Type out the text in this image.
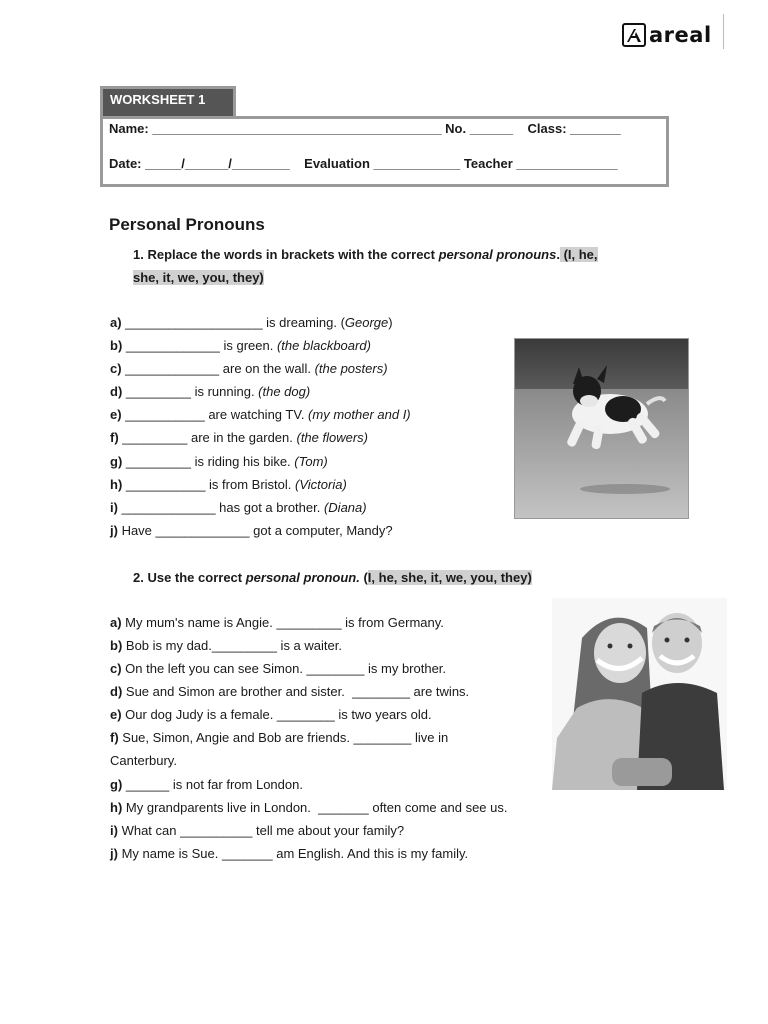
areal
WORKSHEET 1
Name: ________________________________________ No. ______    Class: _______
Date: _____/______/________    Evaluation ____________ Teacher ______________
Personal Pronouns
1. Replace the words in brackets with the correct personal pronouns. (I, he,
she, it, we, you, they)
a) ___________________ is dreaming. (George)
b) _____________ is green. (the blackboard)
c) _____________ are on the wall. (the posters)
d) _________ is running. (the dog)
e) ___________ are watching TV. (my mother and I)
f) _________ are in the garden. (the flowers)
g) _________ is riding his bike. (Tom)
h) ___________ is from Bristol. (Victoria)
i) _____________ has got a brother. (Diana)
j) Have _____________ got a computer, Mandy?
2. Use the correct personal pronoun. (I, he, she, it, we, you, they)
a) My mum's name is Angie. _________ is from Germany.
b) Bob is my dad._________ is a waiter.
c) On the left you can see Simon. ________ is my brother.
d) Sue and Simon are brother and sister.  ________ are twins.
e) Our dog Judy is a female. ________ is two years old.
f) Sue, Simon, Angie and Bob are friends. ________ live in
Canterbury.
g) ______ is not far from London.
h) My grandparents live in London.  _______ often come and see us.
i) What can __________ tell me about your family?
j) My name is Sue. _______ am English. And this is my family.
